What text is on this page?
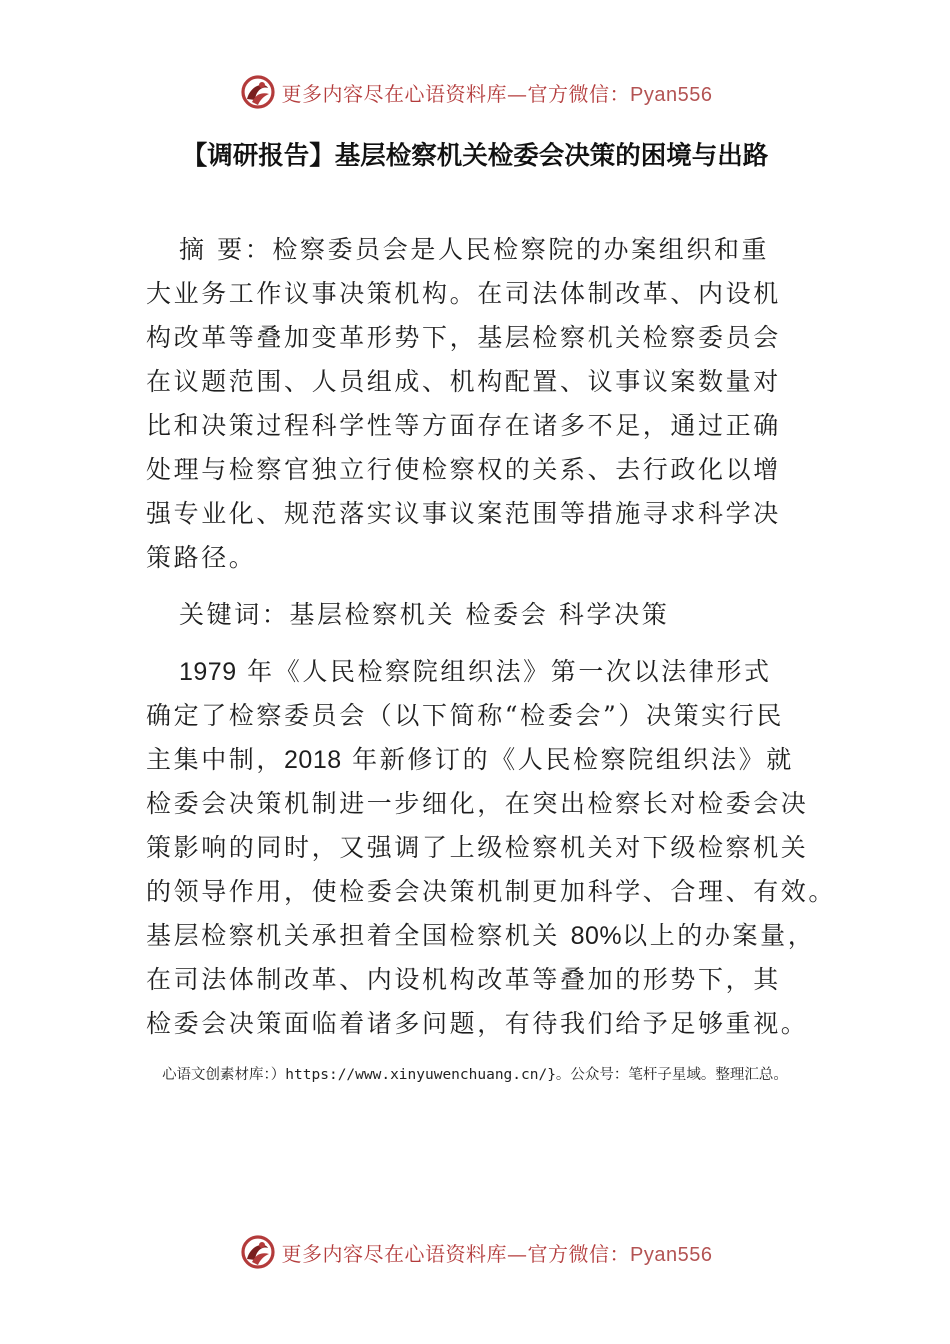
更多内容尽在心语资料库—官方微信：Pyan556
【调研报告】基层检察机关检委会决策的困境与出路
摘 要：检察委员会是人民检察院的办案组织和重
大业务工作议事决策机构。在司法体制改革、内设机
构改革等叠加变革形势下，基层检察机关检察委员会
在议题范围、人员组成、机构配置、议事议案数量对
比和决策过程科学性等方面存在诸多不足，通过正确
处理与检察官独立行使检察权的关系、去行政化以增
强专业化、规范落实议事议案范围等措施寻求科学决
策路径。
关键词：基层检察机关 检委会 科学决策
1979 年《人民检察院组织法》第一次以法律形式
确定了检察委员会（以下简称“检委会”）决策实行民
主集中制，2018 年新修订的《人民检察院组织法》就
检委会决策机制进一步细化，在突出检察长对检委会决
策影响的同时，又强调了上级检察机关对下级检察机关
的领导作用，使检委会决策机制更加科学、合理、有效。
基层检察机关承担着全国检察机关 80%以上的办案量，
在司法体制改革、内设机构改革等叠加的形势下，其
检委会决策面临着诸多问题，有待我们给予足够重视。
心语文创素材库：）https://www.xinyuwenchuang.cn/}。公众号：笔杆子星域。整理汇总。
更多内容尽在心语资料库—官方微信：Pyan556
